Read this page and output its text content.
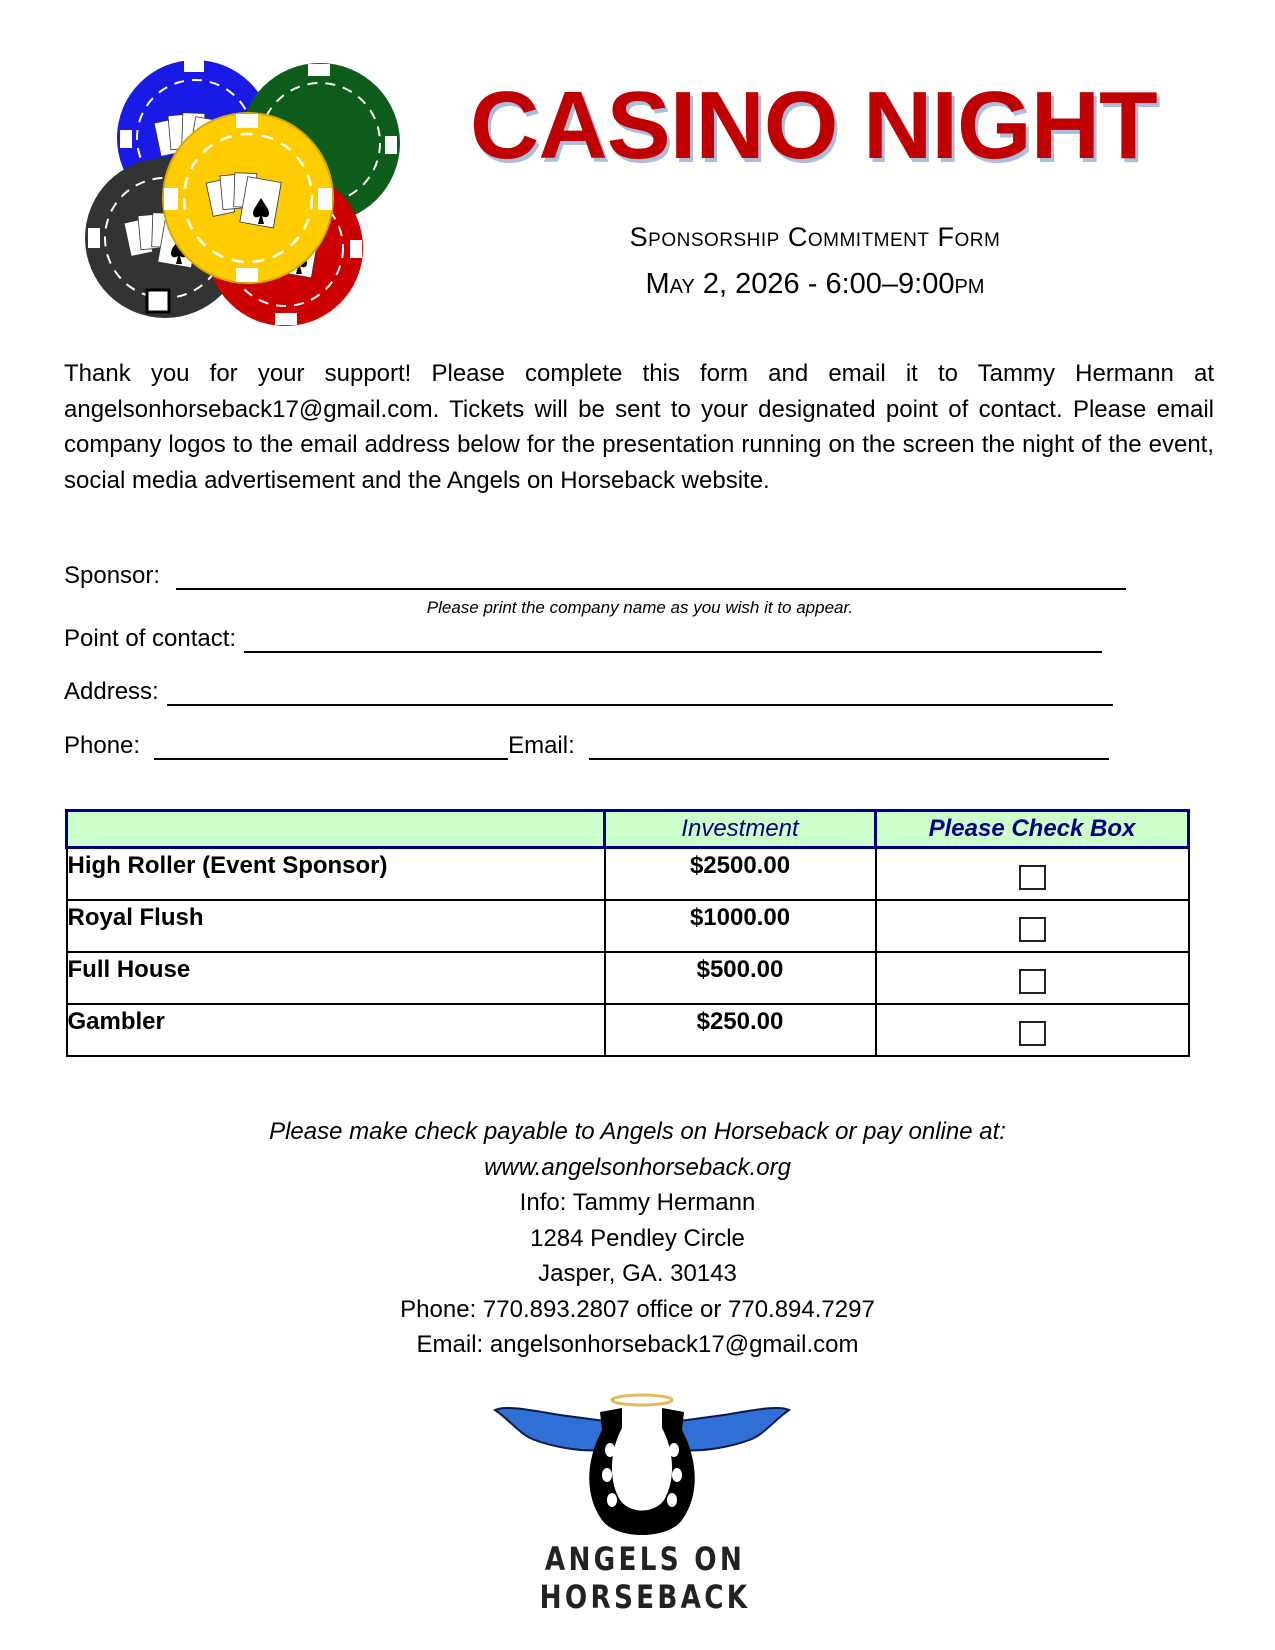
CASINO NIGHT
Sponsorship Commitment Form
May 2, 2026 - 6:00–9:00pm
Thank you for your support! Please complete this form and email it to Tammy Hermann at angelsonhorseback17@gmail.com. Tickets will be sent to your designated point of contact. Please email company logos to the email address below for the presentation running on the screen the night of the event, social media advertisement and the Angels on Horseback website.
Sponsor:
Please print the company name as you wish it to appear.
Point of contact:
Address:
Phone:	Email:
	Investment	Please Check Box
High Roller (Event Sponsor)	$2500.00	
Royal Flush	$1000.00	
Full House	$500.00	
Gambler	$250.00	
Please make check payable to Angels on Horseback or pay online at:
www.angelsonhorseback.org
Info: Tammy Hermann
1284 Pendley Circle
Jasper, GA. 30143
Phone: 770.893.2807 office or 770.894.7297
Email: angelsonhorseback17@gmail.com
ANGELS ON HORSEBACK
